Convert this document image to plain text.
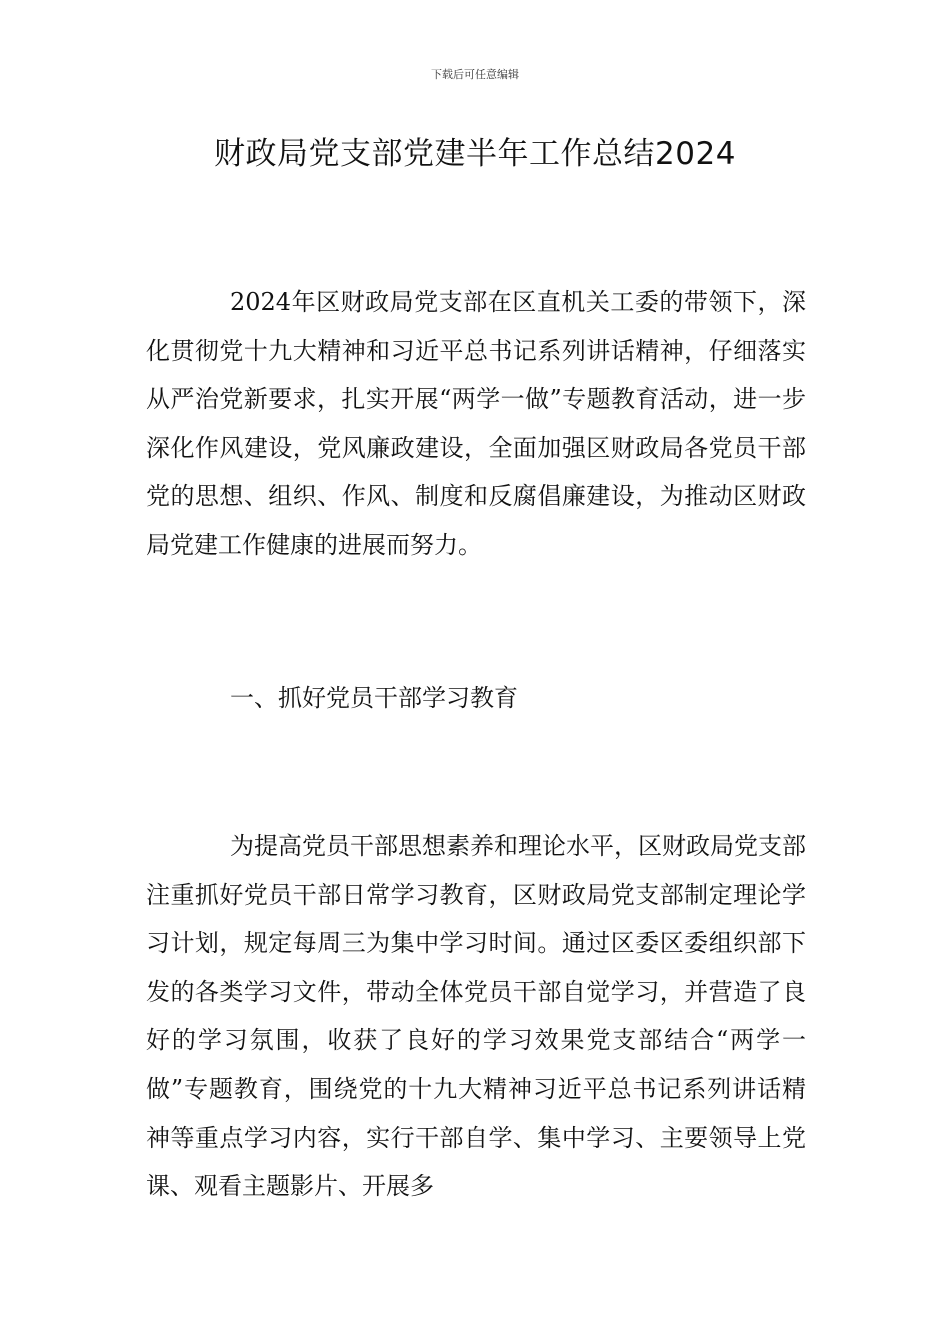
下载后可任意编辑
财政局党支部党建半年工作总结2024

2024年区财政局党支部在区直机关工委的带领下，深化贯彻党十九大精神和习近平总书记系列讲话精神，仔细落实从严治党新要求，扎实开展“两学一做”专题教育活动，进一步深化作风建设，党风廉政建设，全面加强区财政局各党员干部党的思想、组织、作风、制度和反腐倡廉建设，为推动区财政局党建工作健康的进展而努力。

一、抓好党员干部学习教育

为提高党员干部思想素养和理论水平，区财政局党支部注重抓好党员干部日常学习教育，区财政局党支部制定理论学习计划，规定每周三为集中学习时间。通过区委区委组织部下发的各类学习文件，带动全体党员干部自觉学习，并营造了良好的学习氛围，收获了良好的学习效果党支部结合“两学一做”专题教育，围绕党的十九大精神习近平总书记系列讲话精神等重点学习内容，实行干部自学、集中学习、主要领导上党课、观看主题影片、开展多
